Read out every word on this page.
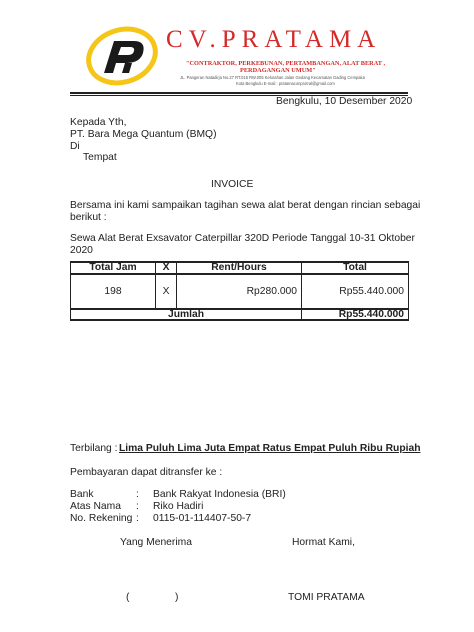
CV.PRATAMA
"CONTRAKTOR, PERKEBUNAN, PERTAMBANGAN, ALAT BERAT ,
PERDAGANGAN UMUM"
JL. Pangeran Natadirja No.27 RT.015 RW.005 Kelurahan Jalan Gedang Kecamatan Gading Cempaka
Kota Bengkulu E-mail : pratamaconprotral@gmail.com
Bengkulu, 10 Desember 2020
Kepada Yth,
PT. Bara Mega Quantum (BMQ)
Di
Tempat
INVOICE
Bersama ini kami sampaikan tagihan sewa alat berat dengan rincian sebagai
berikut :
Sewa Alat Berat Exsavator Caterpillar 320D Periode Tanggal 10-31 Oktober
2020
Total Jam	X	Rent/Hours	Total
198	X	Rp280.000	Rp55.440.000
Jumlah			Rp55.440.000
Terbilang : Lima Puluh Lima Juta Empat Ratus Empat Puluh Ribu Rupiah
Pembayaran dapat ditransfer ke :
Bank	: Bank Rakyat Indonesia (BRI)
Atas Nama : Riko Hadiri
No. Rekening : 0115-01-114407-50-7
Yang Menerima	Hormat Kami,
(	)	TOMI PRATAMA
